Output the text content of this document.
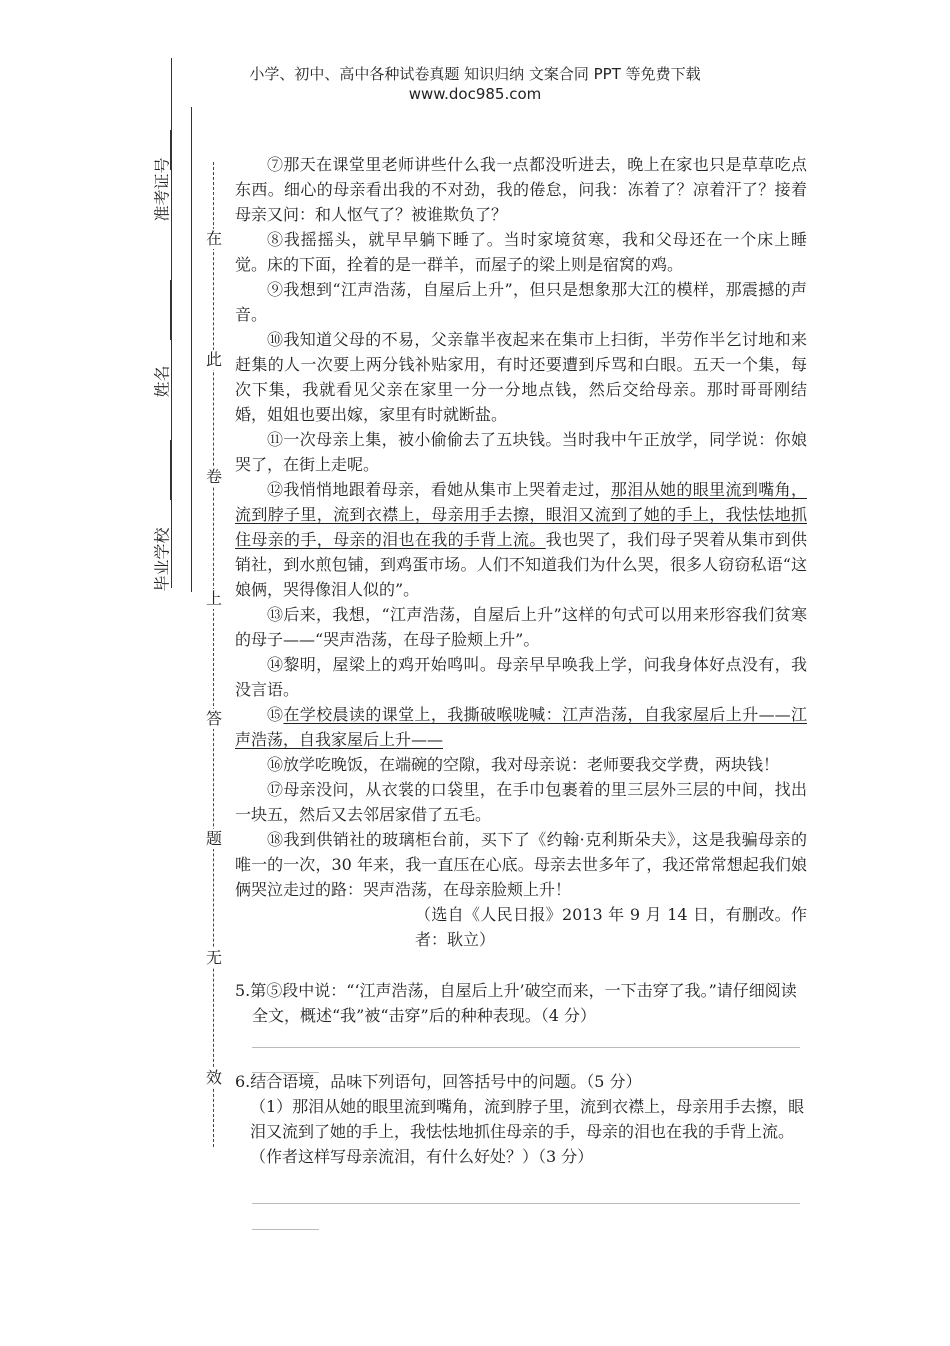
小学、初中、高中各种试卷真题 知识归纳 文案合同 PPT 等免费下载
www.doc985.com
准考证号
姓名
毕业学校
在
此
卷
上
答
题
无
效

⑦那天在课堂里老师讲些什么我一点都没听进去，晚上在家也只是草草吃点东西。细心的母亲看出我的不对劲，我的倦怠，问我：冻着了？凉着汗了？接着母亲又问：和人怄气了？被谁欺负了？

⑧我摇摇头，就早早躺下睡了。当时家境贫寒，我和父母还在一个床上睡觉。床的下面，拴着的是一群羊，而屋子的梁上则是宿窝的鸡。

⑨我想到“江声浩荡，自屋后上升”，但只是想象那大江的模样，那震撼的声音。

⑩我知道父母的不易，父亲靠半夜起来在集市上扫街，半劳作半乞讨地和来赶集的人一次要上两分钱补贴家用，有时还要遭到斥骂和白眼。五天一个集，每次下集，我就看见父亲在家里一分一分地点钱，然后交给母亲。那时哥哥刚结婚，姐姐也要出嫁，家里有时就断盐。

⑪一次母亲上集，被小偷偷去了五块钱。当时我中午正放学，同学说：你娘哭了，在街上走呢。

⑫我悄悄地跟着母亲，看她从集市上哭着走过，那泪从她的眼里流到嘴角，流到脖子里，流到衣襟上，母亲用手去擦，眼泪又流到了她的手上，我怯怯地抓住母亲的手，母亲的泪也在我的手背上流。我也哭了，我们母子哭着从集市到供销社，到水煎包铺，到鸡蛋市场。人们不知道我们为什么哭，很多人窃窃私语“这娘俩，哭得像泪人似的”。

⑬后来，我想，“江声浩荡，自屋后上升”这样的句式可以用来形容我们贫寒的母子——“哭声浩荡，在母子脸颊上升”。

⑭黎明，屋梁上的鸡开始鸣叫。母亲早早唤我上学，问我身体好点没有，我没言语。

⑮在学校晨读的课堂上，我撕破喉咙喊：江声浩荡，自我家屋后上升——江声浩荡，自我家屋后上升——

⑯放学吃晚饭，在端碗的空隙，我对母亲说：老师要我交学费，两块钱！

⑰母亲没问，从衣裳的口袋里，在手巾包裹着的里三层外三层的中间，找出一块五，然后又去邻居家借了五毛。

⑱我到供销社的玻璃柜台前，买下了《约翰·克利斯朵夫》，这是我骗母亲的唯一的一次，30 年来，我一直压在心底。母亲去世多年了，我还常常想起我们娘俩哭泣走过的路：哭声浩荡，在母亲脸颊上升！

（选自《人民日报》2013 年 9 月 14 日，有删改。作者：耿立）

5.第⑤段中说：“‘江声浩荡，自屋后上升’破空而来，一下击穿了我。”请仔细阅读全文，概述“我”被“击穿”后的种种表现。（4 分）

6.结合语境，品味下列语句，回答括号中的问题。（5 分）

（1）那泪从她的眼里流到嘴角，流到脖子里，流到衣襟上，母亲用手去擦，眼泪又流到了她的手上，我怯怯地抓住母亲的手，母亲的泪也在我的手背上流。（作者这样写母亲流泪，有什么好处？）（3 分）
